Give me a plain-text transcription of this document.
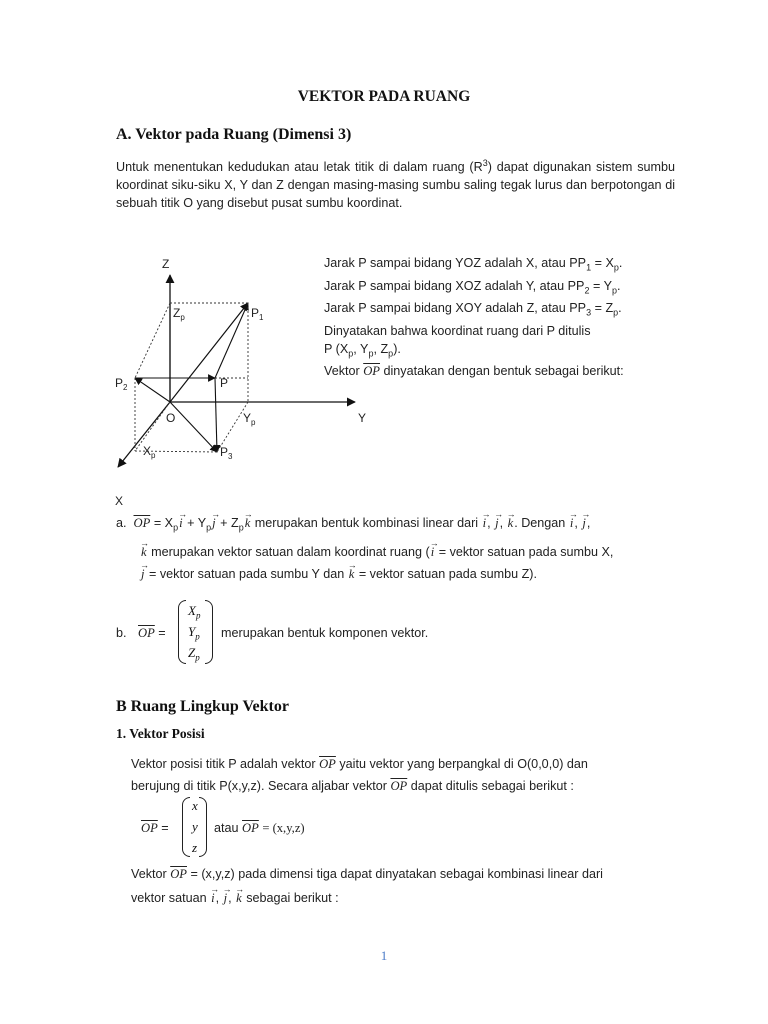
VEKTOR PADA RUANG
A. Vektor pada Ruang (Dimensi 3)
Untuk menentukan kedudukan atau letak titik di dalam ruang $(R^3)$ dapat digunakan sistem sumbu koordinat siku-siku X, Y dan Z dengan masing-masing sumbu saling tegak lurus dan berpotongan di sebuah titik O yang disebut pusat sumbu koordinat.
Z
Y
O
$Z_p$
$Y_p$
$X_p$
P
$P_1$
$P_2$
$P_3$
X
Jarak P sampai bidang YOZ adalah X, atau $PP_1 = X_p$.
Jarak P sampai bidang XOZ adalah Y, atau $PP_2 = Y_p$.
Jarak P sampai bidang XOY adalah Z, atau $PP_3 = Z_p$.
Dinyatakan bahwa koordinat ruang dari P ditulis
P ($X_p$, $Y_p$, $Z_p$).
Vektor $\overline{OP}$ dinyatakan dengan bentuk sebagai berikut:
a. $\overline{OP} = X_p\to i + Y_p\to j + Z_p\to k$ merupakan bentuk kombinasi linear dari → i, → j, → k. Dengan → i, → j,
→ k merupakan vektor satuan dalam koordinat ruang (→ i = vektor satuan pada sumbu X,
→ j = vektor satuan pada sumbu Y dan → k = vektor satuan pada sumbu Z).
b. $\overline{OP}$ =
$X_p$
$Y_p$
$Z_p$
merupakan bentuk komponen vektor.
B Ruang Lingkup Vektor
1. Vektor Posisi
Vektor posisi titik P adalah vektor $\overline{OP}$ yaitu vektor yang berpangkal di O(0,0,0) dan
berujung di titik P(x,y,z). Secara aljabar vektor $\overline{OP}$ dapat ditulis sebagai berikut :
$\overline{OP}$ =
x
y
z
atau $\overline{OP} = (x,y,z)$
Vektor $\overline{OP} = (x,y,z)$ pada dimensi tiga dapat dinyatakan sebagai kombinasi linear dari
vektor satuan → i, → j, → k sebagai berikut :
1
